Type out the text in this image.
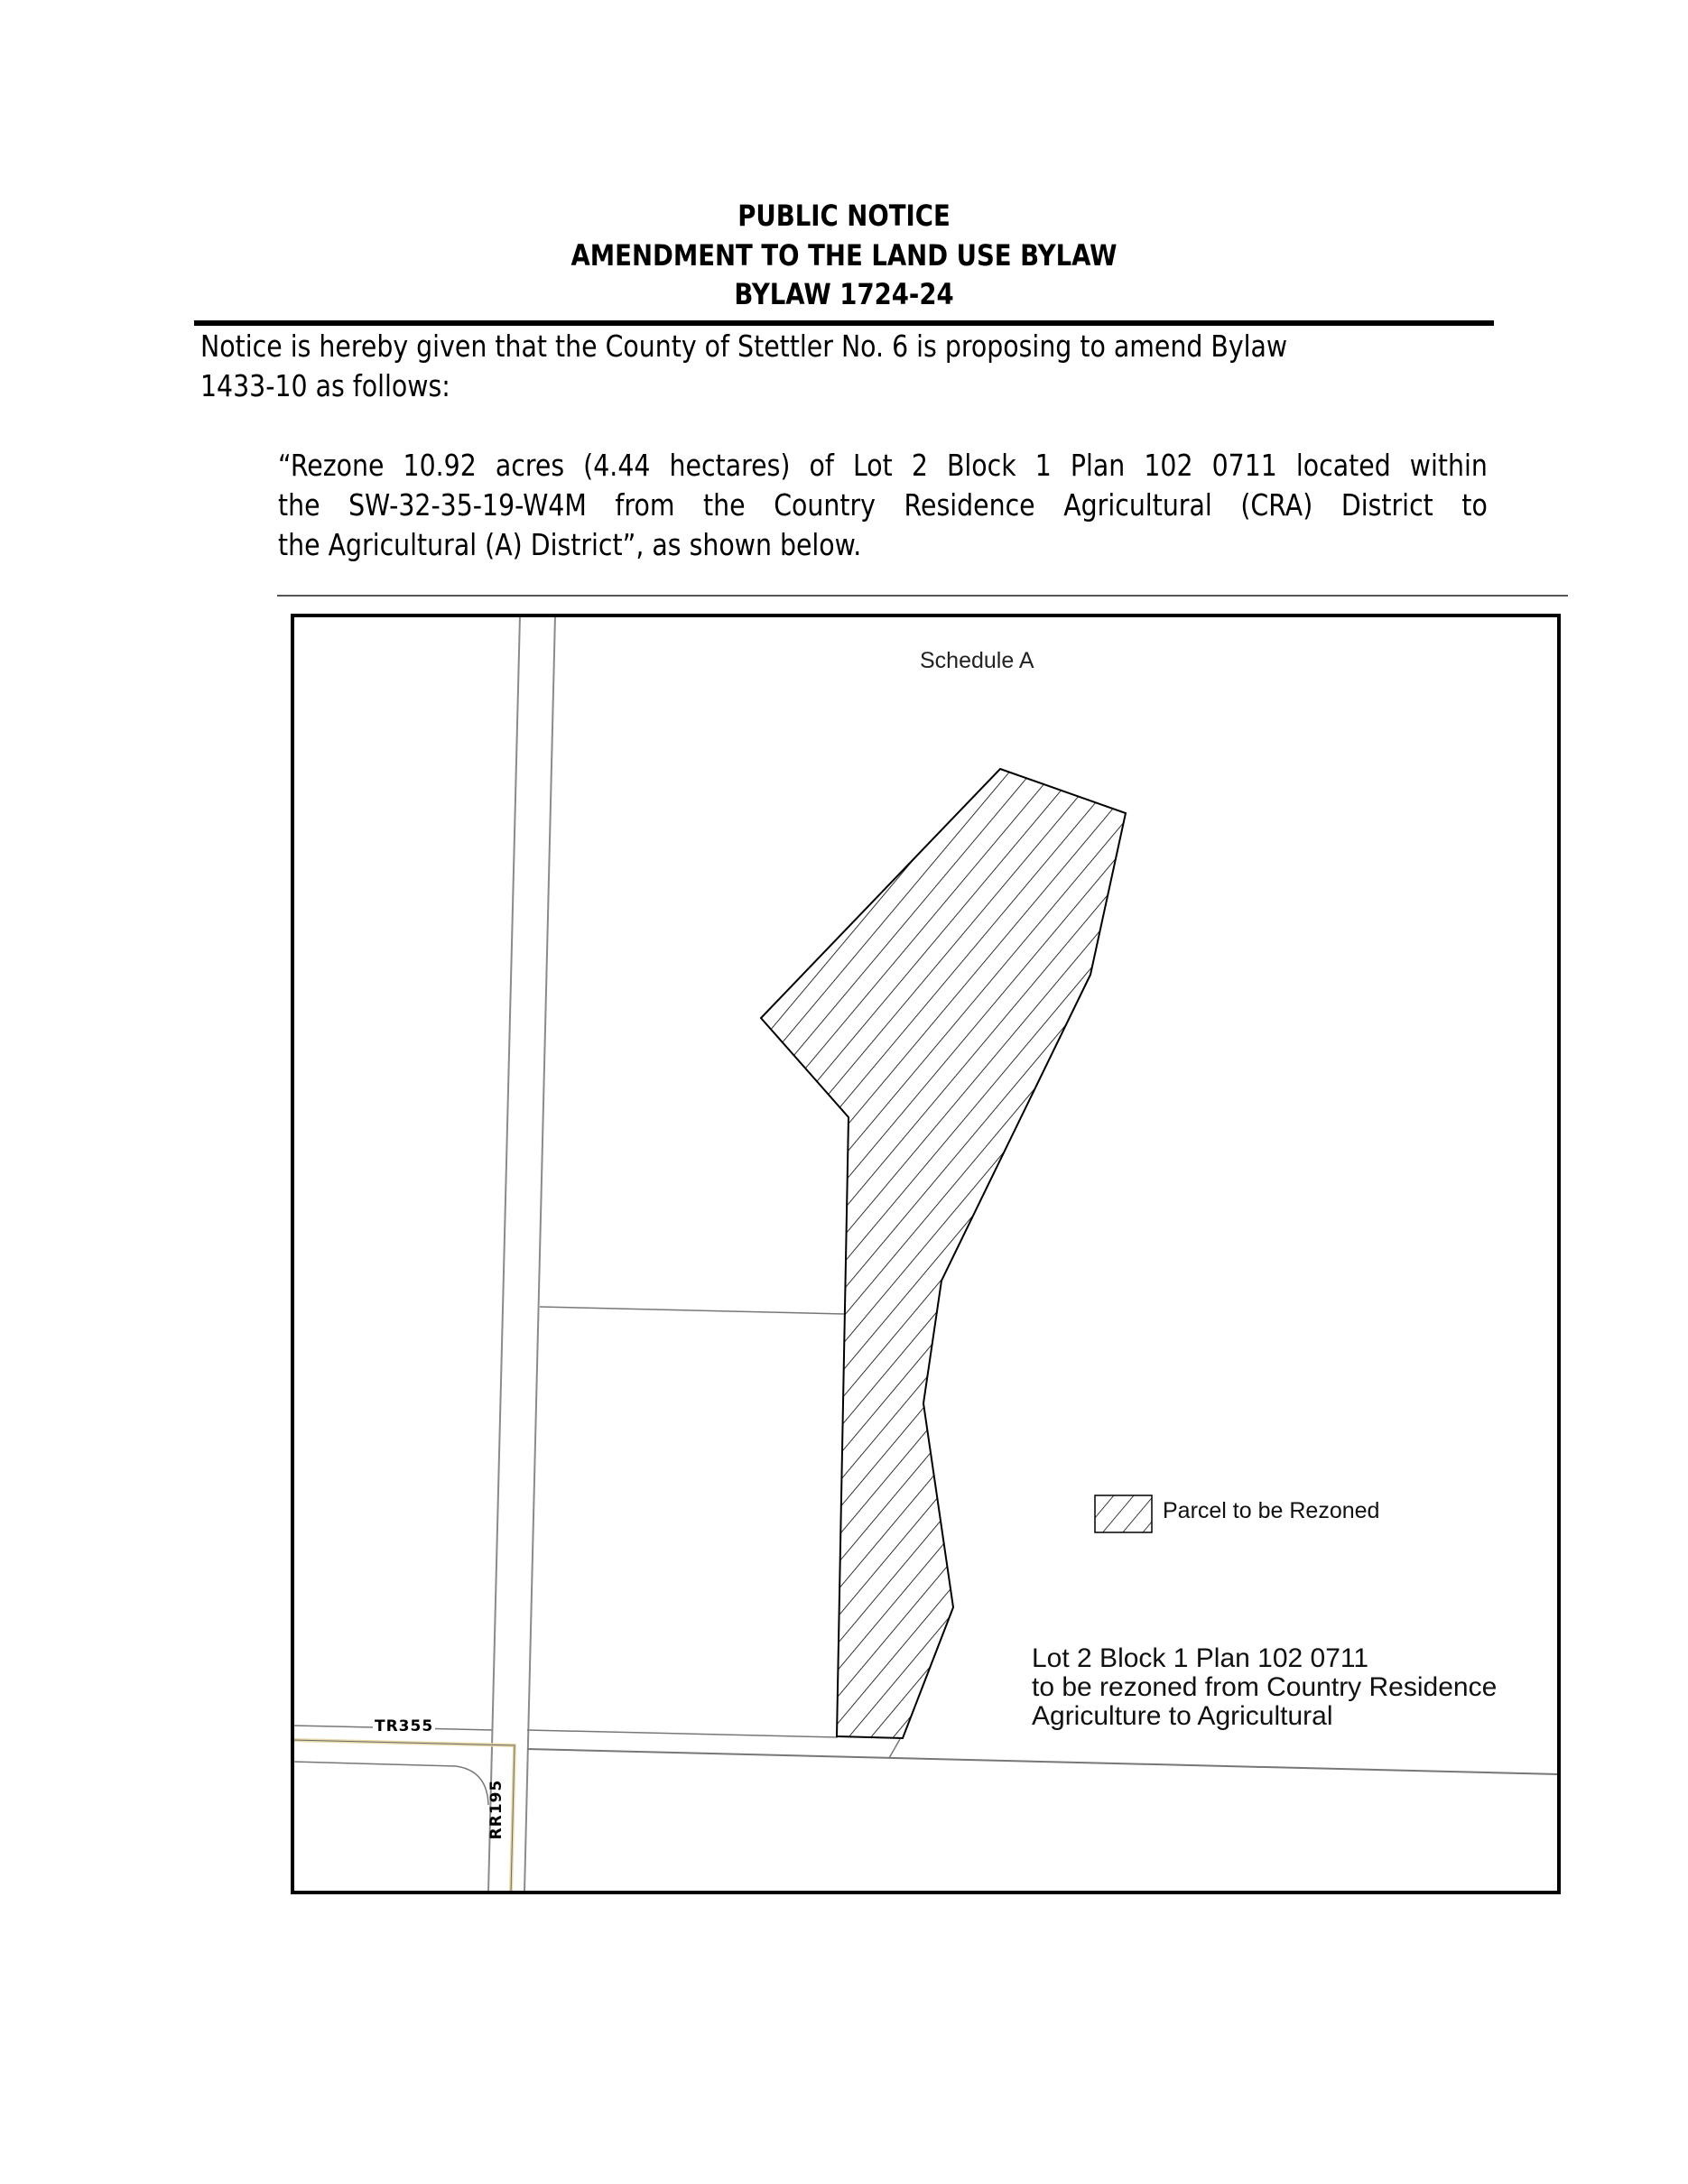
PUBLIC NOTICE
AMENDMENT TO THE LAND USE BYLAW
BYLAW 1724-24
Notice is hereby given that the County of Stettler No. 6 is proposing to amend Bylaw
1433-10 as follows:
“Rezone 10.92 acres (4.44 hectares) of Lot 2 Block 1 Plan 102 0711 located within
the SW-32-35-19-W4M from the Country Residence Agricultural (CRA) District to
the Agricultural (A) District”, as shown below.
Schedule A
Parcel to be Rezoned
Lot 2 Block 1 Plan 102 0711
to be rezoned from Country Residence
Agriculture to Agricultural
TR355
RR195
